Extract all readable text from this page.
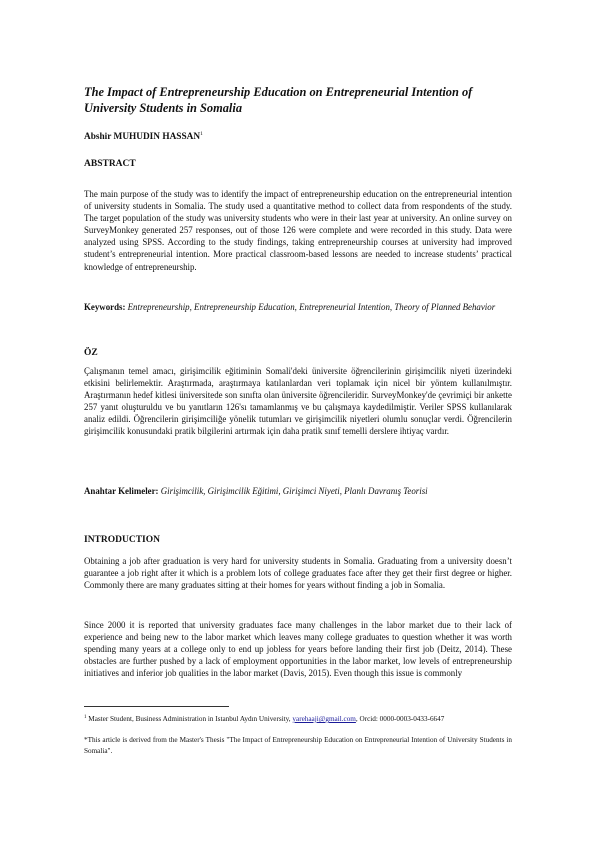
The Impact of Entrepreneurship Education on Entrepreneurial Intention of University Students in Somalia
Abshir MUHUDIN HASSAN$^1$
ABSTRACT
The main purpose of the study was to identify the impact of entrepreneurship education on the entrepreneurial intention of university students in Somalia. The study used a quantitative method to collect data from respondents of the study. The target population of the study was university students who were in their last year at university. An online survey on SurveyMonkey generated 257 responses, out of those 126 were complete and were recorded in this study. Data were analyzed using SPSS. According to the study findings, taking entrepreneurship courses at university had improved student’s entrepreneurial intention. More practical classroom-based lessons are needed to increase students’ practical knowledge of entrepreneurship.
Keywords: Entrepreneurship, Entrepreneurship Education, Entrepreneurial Intention, Theory of Planned Behavior
ÖZ
Çalışmanın temel amacı, girişimcilik eğitiminin Somali'deki üniversite öğrencilerinin girişimcilik niyeti üzerindeki etkisini belirlemektir. Araştırmada, araştırmaya katılanlardan veri toplamak için nicel bir yöntem kullanılmıştır. Araştırmanın hedef kitlesi üniversitede son sınıfta olan üniversite öğrencileridir. SurveyMonkey'de çevrimiçi bir ankette 257 yanıt oluşturuldu ve bu yanıtların 126'sı tamamlanmış ve bu çalışmaya kaydedilmiştir. Veriler SPSS kullanılarak analiz edildi. Öğrencilerin girişimciliğe yönelik tutumları ve girişimcilik niyetleri olumlu sonuçlar verdi. Öğrencilerin girişimcilik konusundaki pratik bilgilerini artırmak için daha pratik sınıf temelli derslere ihtiyaç vardır.
Anahtar Kelimeler: Girişimcilik, Girişimcilik Eğitimi, Girişimci Niyeti, Planlı Davranış Teorisi
INTRODUCTION
Obtaining a job after graduation is very hard for university students in Somalia. Graduating from a university doesn’t guarantee a job right after it which is a problem lots of college graduates face after they get their first degree or higher. Commonly there are many graduates sitting at their homes for years without finding a job in Somalia.
Since 2000 it is reported that university graduates face many challenges in the labor market due to their lack of experience and being new to the labor market which leaves many college graduates to question whether it was worth spending many years at a college only to end up jobless for years before landing their first job (Deitz, 2014). These obstacles are further pushed by a lack of employment opportunities in the labor market, low levels of entrepreneurship initiatives and inferior job qualities in the labor market (Davis, 2015). Even though this issue is commonly
$^1$ Master Student, Business Administration in Istanbul Aydın University, yarehaaji@gmail.com, Orcid: 0000-0003-0433-6647
*This article is derived from the Master's Thesis "The Impact of Entrepreneurship Education on Entrepreneurial Intention of University Students in Somalia".
